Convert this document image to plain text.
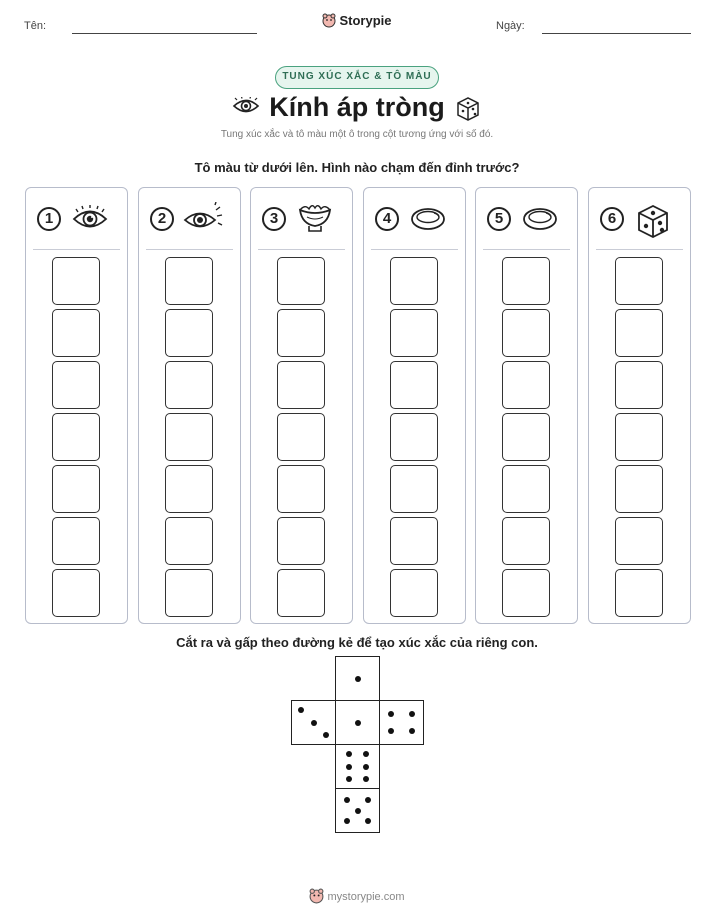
Tên:	Ngày:
Storypie
TUNG XÚC XẮC & TÔ MÀU
Kính áp tròng
Tung xúc xắc và tô màu một ô trong cột tương ứng với số đó.
Tô màu từ dưới lên. Hình nào chạm đến đỉnh trước?
1	2	3	4	5	6
Cắt ra và gấp theo đường kẻ để tạo xúc xắc của riêng con.
mystorypie.com
